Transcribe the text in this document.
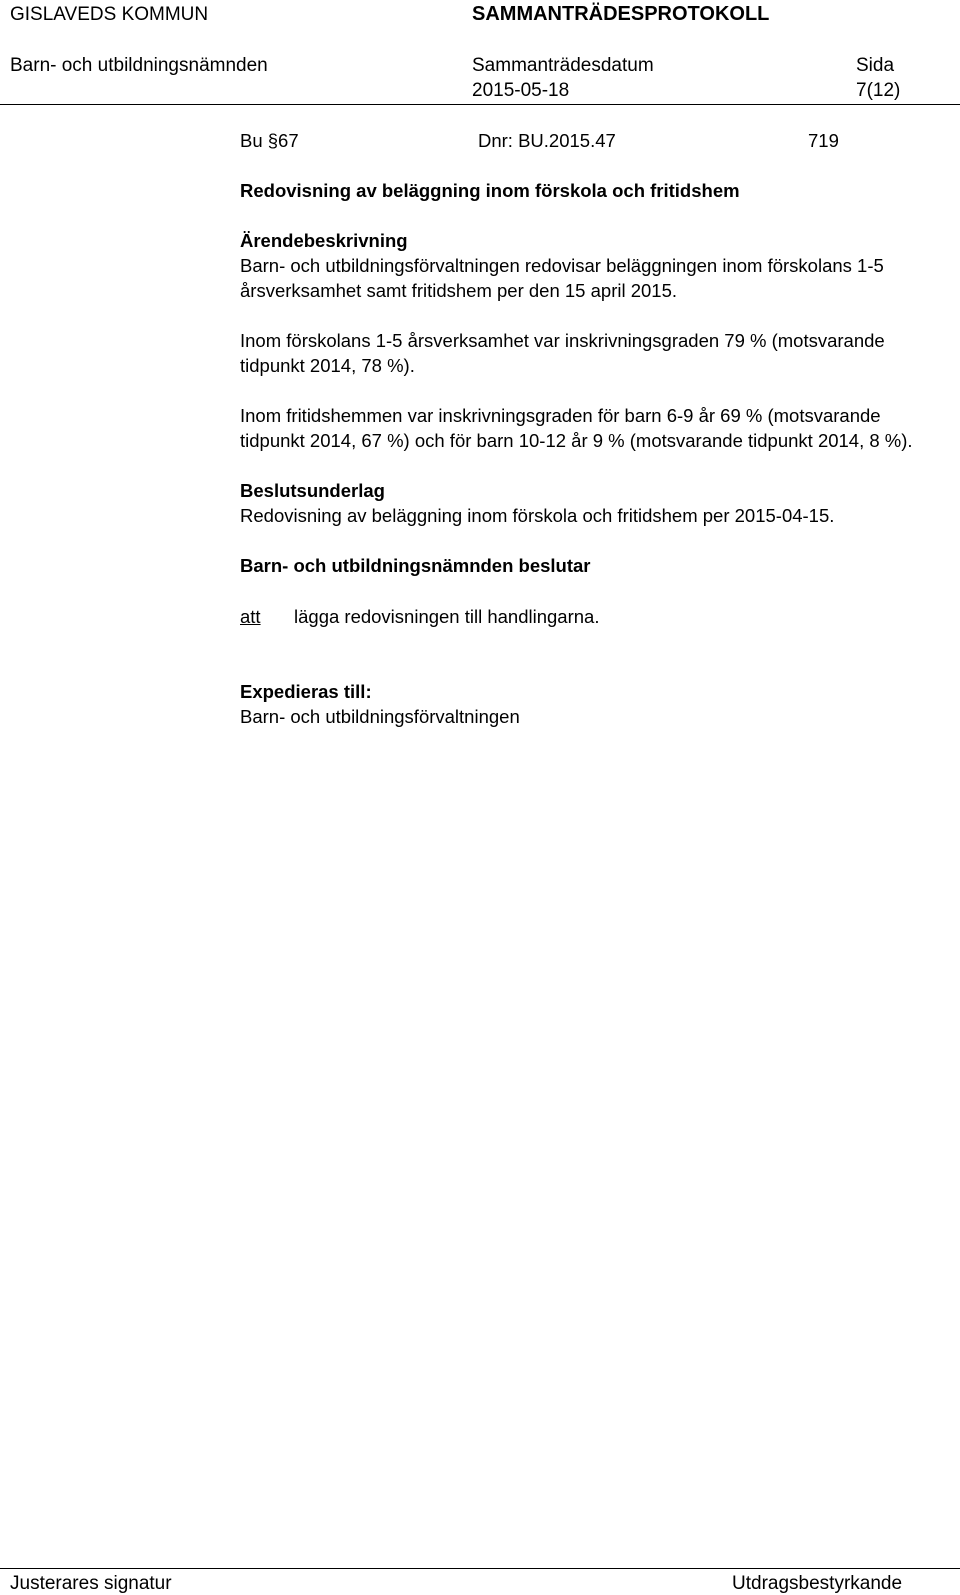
GISLAVEDS KOMMUN	SAMMANTRÄDESPROTOKOLL
Barn- och utbildningsnämnden	Sammanträdesdatum
2015-05-18
Sida
7(12)
Bu §67	Dnr: BU.2015.47	719
Redovisning av beläggning inom förskola och fritidshem
Ärendebeskrivning

Barn- och utbildningsförvaltningen redovisar beläggningen inom förskolans 1-5 årsverksamhet samt fritidshem per den 15 april 2015.

Inom förskolans 1-5 årsverksamhet var inskrivningsgraden 79 % (motsvarande tidpunkt 2014, 78 %).

Inom fritidshemmen var inskrivningsgraden för barn 6-9 år 69 % (motsvarande tidpunkt 2014, 67 %) och för barn 10-12 år 9 % (motsvarande tidpunkt 2014, 8 %).

Beslutsunderlag

Redovisning av beläggning inom förskola och fritidshem per 2015-04-15.

Barn- och utbildningsnämnden beslutar
att	lägga redovisningen till handlingarna.
Expedieras till:
Barn- och utbildningsförvaltningen
Justerares signatur	Utdragsbestyrkande
